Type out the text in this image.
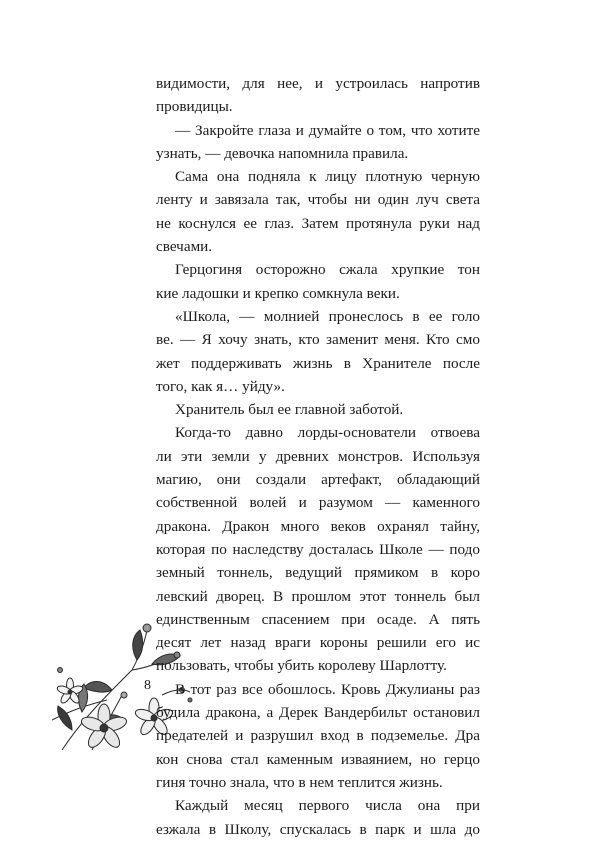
видимости, для нее, и устроилась напротив
провидицы.
— Закройте глаза и думайте о том, что хотите
узнать, — девочка напомнила правила.
Сама она подняла к лицу плотную черную
ленту и завязала так, чтобы ни один луч света
не коснулся ее глаз. Затем протянула руки над
свечами.
Герцогиня осторожно сжала хрупкие тон
кие ладошки и крепко сомкнула веки.
«Школа, — молнией пронеслось в ее голо
ве. — Я хочу знать, кто заменит меня. Кто смо
жет поддерживать жизнь в Хранителе после
того, как я… уйду».
Хранитель был ее главной заботой.
Когда-то давно лорды-основатели отвоева
ли эти земли у древних монстров. Используя
магию, они создали артефакт, обладающий
собственной волей и разумом — каменного
дракона. Дракон много веков охранял тайну,
которая по наследству досталась Школе — подо
земный тоннель, ведущий прямиком в коро
левский дворец. В прошлом этот тоннель был
единственным спасением при осаде. А пять
десят лет назад враги короны решили его ис
пользовать, чтобы убить королеву Шарлотту.
В тот раз все обошлось. Кровь Джулианы раз
будила дракона, а Дерек Вандербильт остановил
предателей и разрушил вход в подземелье. Дра
кон снова стал каменным изваянием, но герцо
гиня точно знала, что в нем теплится жизнь.
Каждый месяц первого числа она при
езжала в Школу, спускалась в парк и шла до
8
